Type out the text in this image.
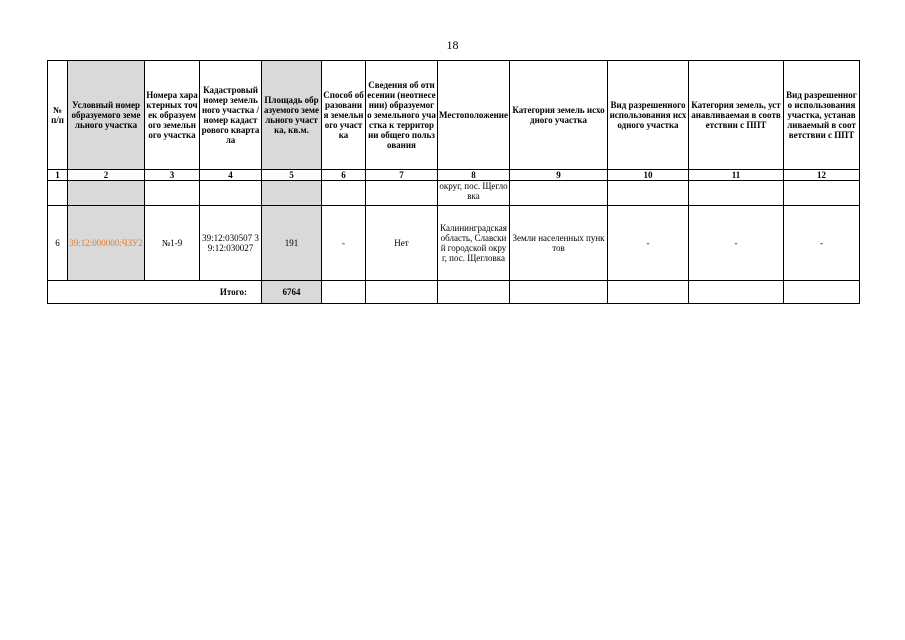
18
№ п/п	Условный номер образуемого земельного участка	Номера характерных точек образуемого земельного участка	Кадастровый номер земельного участка /номер кадастрового квартала	Площадь образуемого земельного участка, кв.м.	Способ образования земельного участка	Сведения об отнесении (неотнесении) образуемого земельного участка к территории общего пользования	Местоположение	Категория земель исходного участка	Вид разрешенного использования исходного участка	Категория земель, устанавливаемая в соответствии с ППТ	Вид разрешенного использования участка, устанавливаемый в соответствии с ППТ
1	2	3	4	5	6	7	8	9	10	11	12
							округ, пос. Щегловка				
6	39:12:000000:ЧЗУ2	№1-9	39:12:030507 39:12:030027	191	-	Нет	Калининградская область, Славский городской округ, пос. Щегловка	Земли населенных пунктов	-	-	-
Итого:				6764							
